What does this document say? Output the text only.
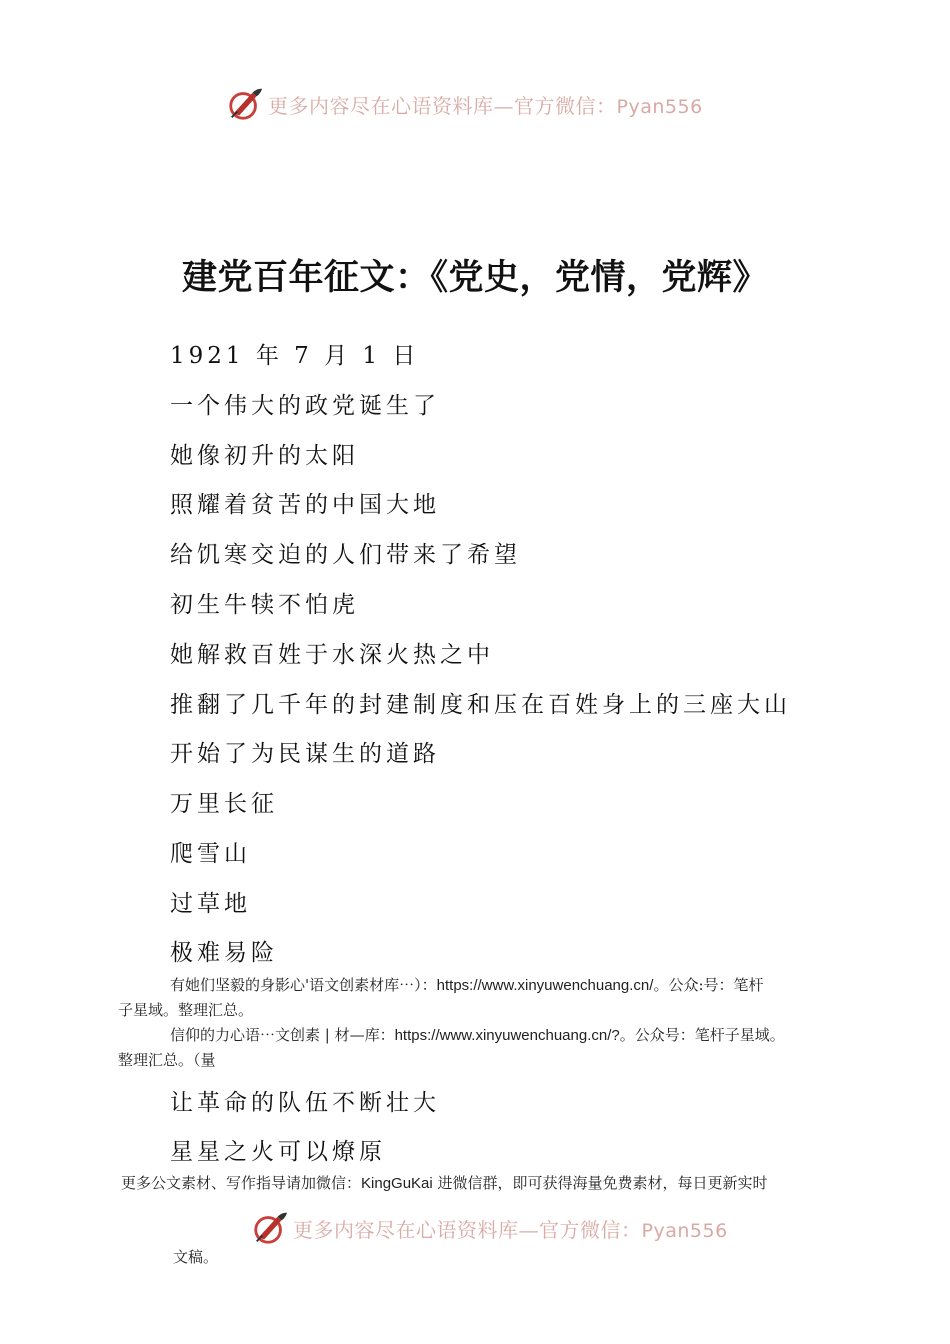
更多内容尽在心语资料库—官方微信：Pyan556
建党百年征文：《党史，党情，党辉》
1921 年 7 月 1 日
一个伟大的政党诞生了
她像初升的太阳
照耀着贫苦的中国大地
给饥寒交迫的人们带来了希望
初生牛犊不怕虎
她解救百姓于水深火热之中
推翻了几千年的封建制度和压在百姓身上的三座大山
开始了为民谋生的道路
万里长征
爬雪山
过草地
极难易险
有她们坚毅的身影心'语文创素材库⋯）：https://www.xinyuwenchuang.cn/。公众:号：笔杆
子星域。整理汇总。
信仰的力心语⋯文创素 | 材—库：https://www.xinyuwenchuang.cn/?。公众号：笔杆子星域。
整理汇总。（量
让革命的队伍不断壮大
星星之火可以燎原
更多公文素材、写作指导请加微信：KingGuKai 进微信群，即可获得海量免费素材，每日更新实时
更多内容尽在心语资料库—官方微信：Pyan556
文稿。
